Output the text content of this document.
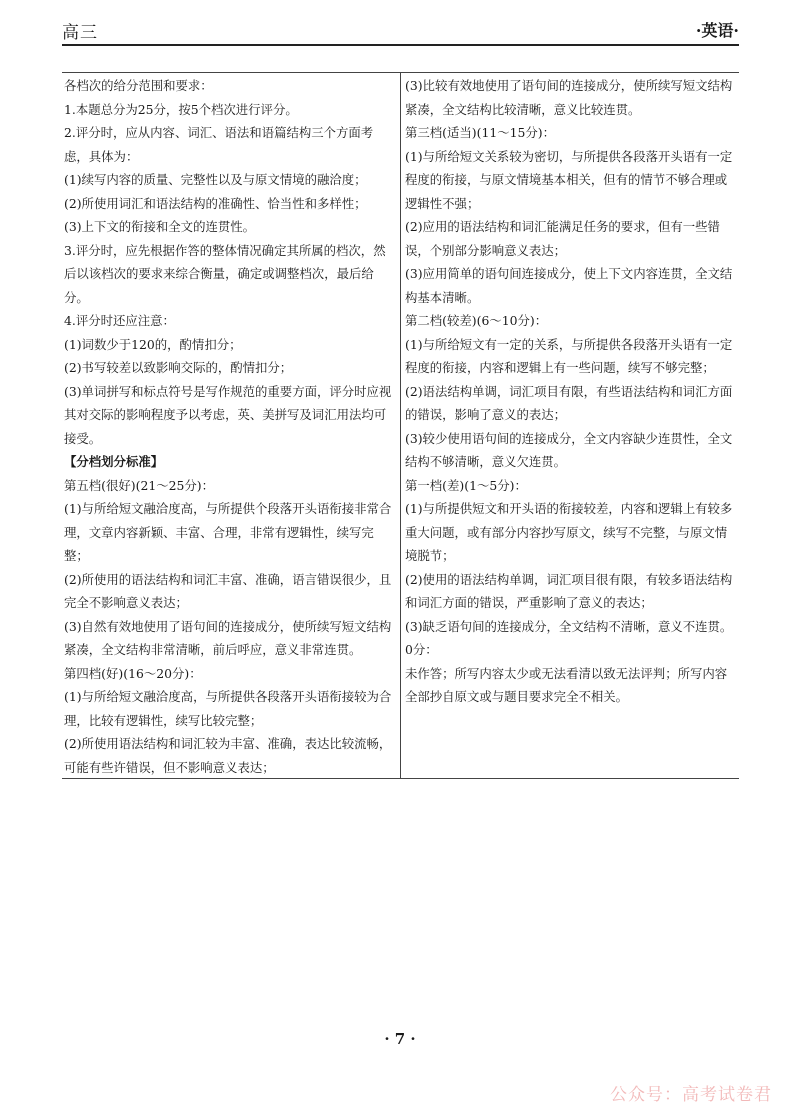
高三	·英语·

各档次的给分范围和要求：

1.本题总分为25分，按5个档次进行评分。

2.评分时，应从内容、词汇、语法和语篇结构三个方面考虑，具体为：

(1)续写内容的质量、完整性以及与原文情境的融洽度；

(2)所使用词汇和语法结构的准确性、恰当性和多样性；

(3)上下文的衔接和全文的连贯性。

3.评分时，应先根据作答的整体情况确定其所属的档次，然后以该档次的要求来综合衡量，确定或调整档次，最后给分。

4.评分时还应注意：

(1)词数少于120的，酌情扣分；

(2)书写较差以致影响交际的，酌情扣分；

(3)单词拼写和标点符号是写作规范的重要方面，评分时应视其对交际的影响程度予以考虑，英、美拼写及词汇用法均可接受。

【分档划分标准】

第五档(很好)(21～25分)：

(1)与所给短文融洽度高，与所提供个段落开头语衔接非常合理，文章内容新颖、丰富、合理，非常有逻辑性，续写完整；

(2)所使用的语法结构和词汇丰富、准确，语言错误很少，且完全不影响意义表达；

(3)自然有效地使用了语句间的连接成分，使所续写短文结构紧凑，全文结构非常清晰，前后呼应，意义非常连贯。

第四档(好)(16～20分)：

(1)与所给短文融洽度高，与所提供各段落开头语衔接较为合理，比较有逻辑性，续写比较完整；

(2)所使用语法结构和词汇较为丰富、准确，表达比较流畅，可能有些许错误，但不影响意义表达；

(3)比较有效地使用了语句间的连接成分，使所续写短文结构紧凑，全文结构比较清晰，意义比较连贯。

第三档(适当)(11～15分)：

(1)与所给短文关系较为密切，与所提供各段落开头语有一定程度的衔接，与原文情境基本相关，但有的情节不够合理或逻辑性不强；

(2)应用的语法结构和词汇能满足任务的要求，但有一些错误，个别部分影响意义表达；

(3)应用简单的语句间连接成分，使上下文内容连贯，全文结构基本清晰。

第二档(较差)(6～10分)：

(1)与所给短文有一定的关系，与所提供各段落开头语有一定程度的衔接，内容和逻辑上有一些问题，续写不够完整；

(2)语法结构单调，词汇项目有限，有些语法结构和词汇方面的错误，影响了意义的表达；

(3)较少使用语句间的连接成分，全文内容缺少连贯性，全文结构不够清晰，意义欠连贯。

第一档(差)(1～5分)：

(1)与所提供短文和开头语的衔接较差，内容和逻辑上有较多重大问题，或有部分内容抄写原文，续写不完整，与原文情境脱节；

(2)使用的语法结构单调，词汇项目很有限，有较多语法结构和词汇方面的错误，严重影响了意义的表达；

(3)缺乏语句间的连接成分，全文结构不清晰，意义不连贯。

0分：

未作答；所写内容太少或无法看清以致无法评判；所写内容全部抄自原文或与题目要求完全不相关。

· 7 ·
公众号：高考试卷君
